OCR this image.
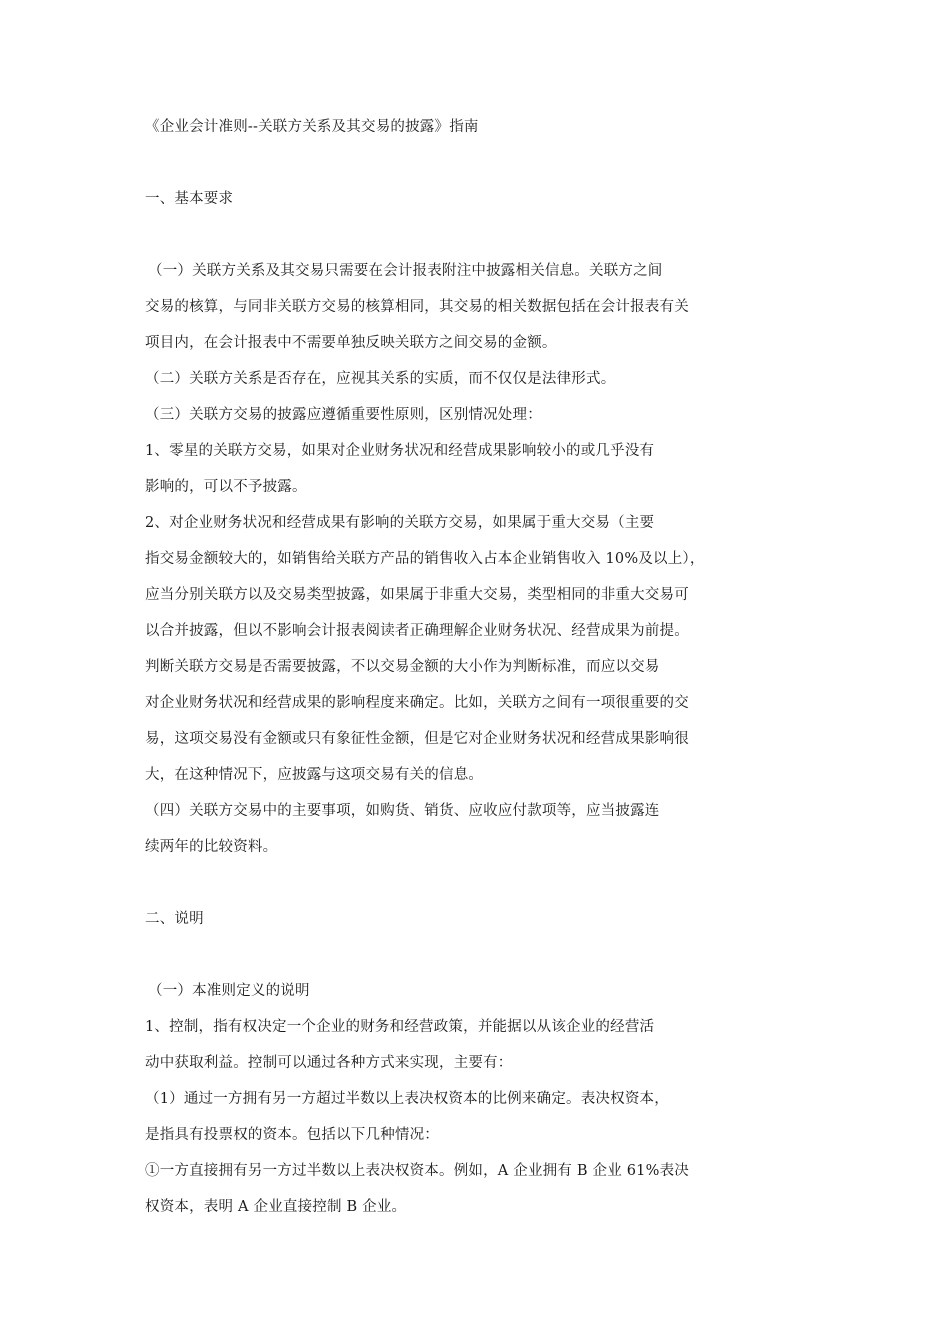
《企业会计准则--关联方关系及其交易的披露》指南
一、基本要求
（一）关联方关系及其交易只需要在会计报表附注中披露相关信息。关联方之间
交易的核算，与同非关联方交易的核算相同，其交易的相关数据包括在会计报表有关
项目内，在会计报表中不需要单独反映关联方之间交易的金额。
（二）关联方关系是否存在，应视其关系的实质，而不仅仅是法律形式。
（三）关联方交易的披露应遵循重要性原则，区别情况处理：
1、零星的关联方交易，如果对企业财务状况和经营成果影响较小的或几乎没有
影响的，可以不予披露。
2、对企业财务状况和经营成果有影响的关联方交易，如果属于重大交易（主要
指交易金额较大的，如销售给关联方产品的销售收入占本企业销售收入 10%及以上），
应当分别关联方以及交易类型披露，如果属于非重大交易，类型相同的非重大交易可
以合并披露，但以不影响会计报表阅读者正确理解企业财务状况、经营成果为前提。
判断关联方交易是否需要披露，不以交易金额的大小作为判断标准，而应以交易
对企业财务状况和经营成果的影响程度来确定。比如，关联方之间有一项很重要的交
易，这项交易没有金额或只有象征性金额，但是它对企业财务状况和经营成果影响很
大，在这种情况下，应披露与这项交易有关的信息。
（四）关联方交易中的主要事项，如购货、销货、应收应付款项等，应当披露连
续两年的比较资料。
二、说明
（一）本准则定义的说明
1、控制，指有权决定一个企业的财务和经营政策，并能据以从该企业的经营活
动中获取利益。控制可以通过各种方式来实现，主要有：
（1）通过一方拥有另一方超过半数以上表决权资本的比例来确定。表决权资本，
是指具有投票权的资本。包括以下几种情况：
①一方直接拥有另一方过半数以上表决权资本。例如，A 企业拥有 B 企业 61%表决
权资本，表明 A 企业直接控制 B 企业。
